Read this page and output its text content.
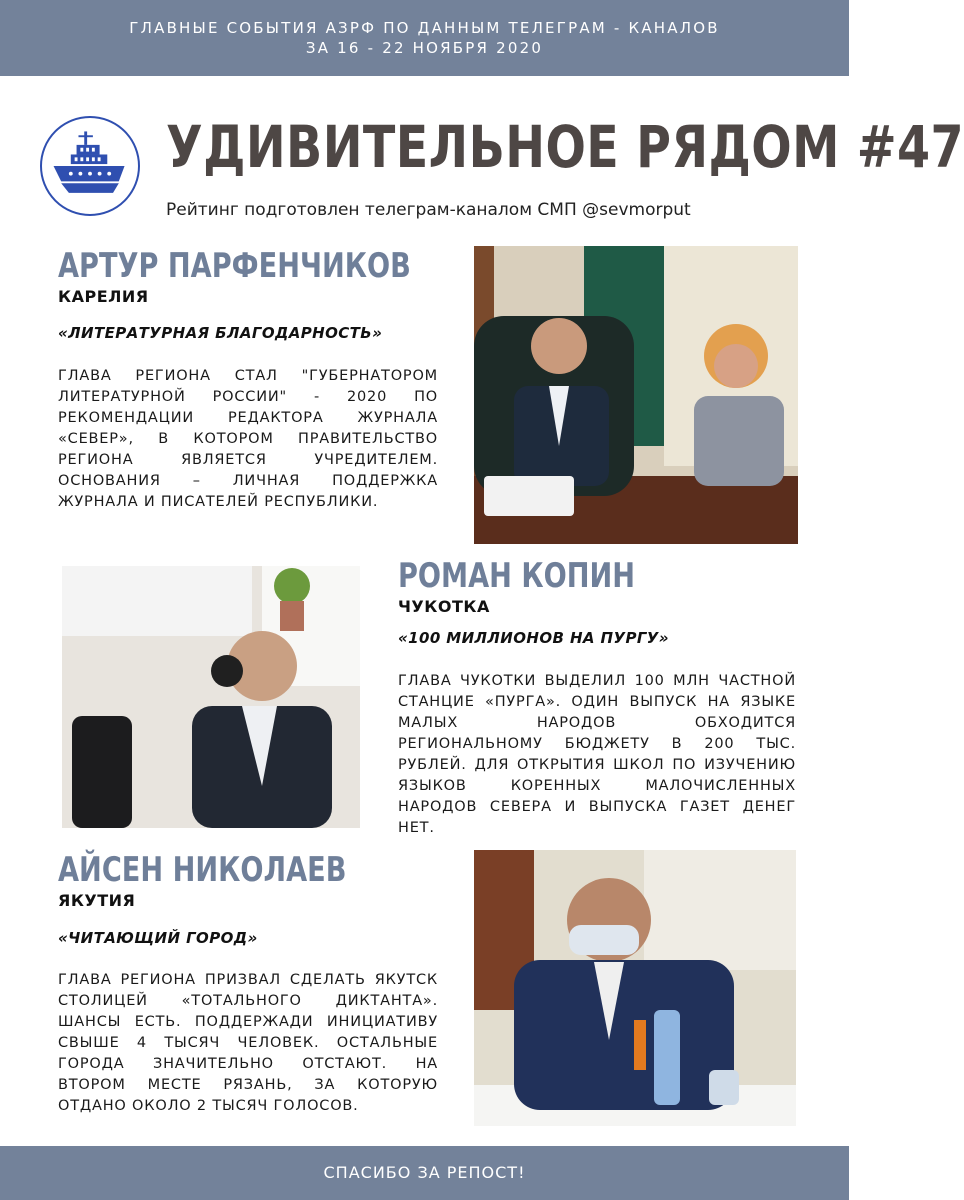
ГЛАВНЫЕ СОБЫТИЯ АЗРФ ПО ДАННЫМ ТЕЛЕГРАМ - КАНАЛОВ
ЗА 16 - 22 НОЯБРЯ 2020
УДИВИТЕЛЬНОЕ РЯДОМ #47
Рейтинг подготовлен телеграм-каналом СМП @sevmorput
АРТУР ПАРФЕНЧИКОВ
КАРЕЛИЯ
«ЛИТЕРАТУРНАЯ БЛАГОДАРНОСТЬ»
ГЛАВА РЕГИОНА СТАЛ "ГУБЕРНАТОРОМ ЛИТЕРАТУРНОЙ РОССИИ" - 2020 ПО РЕКОМЕНДАЦИИ РЕДАКТОРА ЖУРНАЛА «СЕВЕР», В КОТОРОМ ПРАВИТЕЛЬСТВО РЕГИОНА ЯВЛЯЕТСЯ УЧРЕДИТЕЛЕМ. ОСНОВАНИЯ – ЛИЧНАЯ ПОДДЕРЖКА ЖУРНАЛА И ПИСАТЕЛЕЙ РЕСПУБЛИКИ.
РОМАН КОПИН
ЧУКОТКА
«100 МИЛЛИОНОВ НА ПУРГУ»
ГЛАВА ЧУКОТКИ ВЫДЕЛИЛ 100 МЛН ЧАСТНОЙ СТАНЦИЕ «ПУРГА». ОДИН ВЫПУСК НА ЯЗЫКЕ МАЛЫХ НАРОДОВ ОБХОДИТСЯ РЕГИОНАЛЬНОМУ БЮДЖЕТУ В 200 ТЫС. РУБЛЕЙ. ДЛЯ ОТКРЫТИЯ ШКОЛ ПО ИЗУЧЕНИЮ ЯЗЫКОВ КОРЕННЫХ МАЛОЧИСЛЕННЫХ НАРОДОВ СЕВЕРА И ВЫПУСКА ГАЗЕТ ДЕНЕГ НЕТ.
АЙСЕН НИКОЛАЕВ
ЯКУТИЯ
«ЧИТАЮЩИЙ ГОРОД»
ГЛАВА РЕГИОНА ПРИЗВАЛ СДЕЛАТЬ ЯКУТСК СТОЛИЦЕЙ «ТОТАЛЬНОГО ДИКТАНТА». ШАНСЫ ЕСТЬ. ПОДДЕРЖАДИ ИНИЦИАТИВУ СВЫШЕ 4 ТЫСЯЧ ЧЕЛОВЕК. ОСТАЛЬНЫЕ ГОРОДА ЗНАЧИТЕЛЬНО ОТСТАЮТ. НА ВТОРОМ МЕСТЕ РЯЗАНЬ, ЗА КОТОРУЮ ОТДАНО ОКОЛО 2 ТЫСЯЧ ГОЛОСОВ.
СПАСИБО ЗА РЕПОСТ!
